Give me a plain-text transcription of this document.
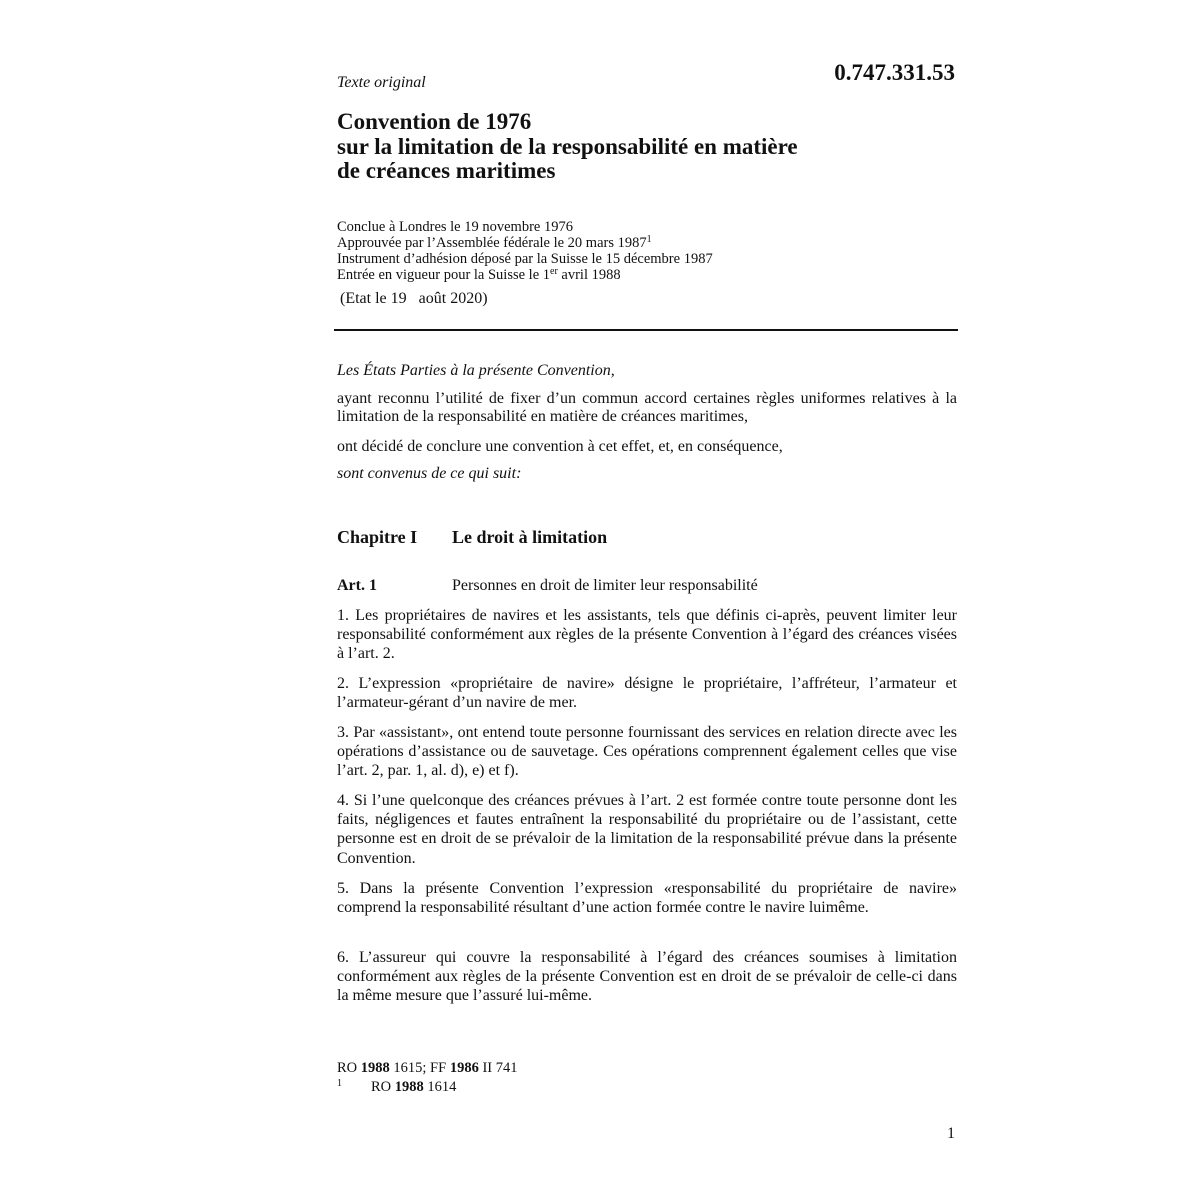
Texte original	0.747.331.53
Convention de 1976
sur la limitation de la responsabilité en matière
de créances maritimes
Conclue à Londres le 19 novembre 1976
Approuvée par l’Assemblée fédérale le 20 mars 1987$^1$
Instrument d’adhésion déposé par la Suisse le 15 décembre 1987
Entrée en vigueur pour la Suisse le 1er avril 1988
(Etat le 19 août 2020)
Les États Parties à la présente Convention,
ayant reconnu l’utilité de fixer d’un commun accord certaines règles uniformes relatives à la limitation de la responsabilité en matière de créances maritimes,
ont décidé de conclure une convention à cet effet, et, en conséquence,
sont convenus de ce qui suit:
Chapitre I Le droit à limitation
Art. 1	Personnes en droit de limiter leur responsabilité
1. Les propriétaires de navires et les assistants, tels que définis ci-après, peuvent limiter leur responsabilité conformément aux règles de la présente Convention à l’égard des créances visées à l’art. 2.
2. L’expression «propriétaire de navire» désigne le propriétaire, l’affréteur, l’armateur et l’armateur-gérant d’un navire de mer.
3. Par «assistant», ont entend toute personne fournissant des services en relation directe avec les opérations d’assistance ou de sauvetage. Ces opérations comprennent également celles que vise l’art. 2, par. 1, al. d), e) et f).
4. Si l’une quelconque des créances prévues à l’art. 2 est formée contre toute personne dont les faits, négligences et fautes entraînent la responsabilité du propriétaire ou de l’assistant, cette personne est en droit de se prévaloir de la limitation de la responsabilité prévue dans la présente Convention.
5. Dans la présente Convention l’expression «responsabilité du propriétaire de navire» comprend la responsabilité résultant d’une action formée contre le navire luimême.
6. L’assureur qui couvre la responsabilité à l’égard des créances soumises à limitation conformément aux règles de la présente Convention est en droit de se prévaloir de celle-ci dans la même mesure que l’assuré lui-même.
RO 1988 1615; FF 1986 II 741
1 RO 1988 1614
1
